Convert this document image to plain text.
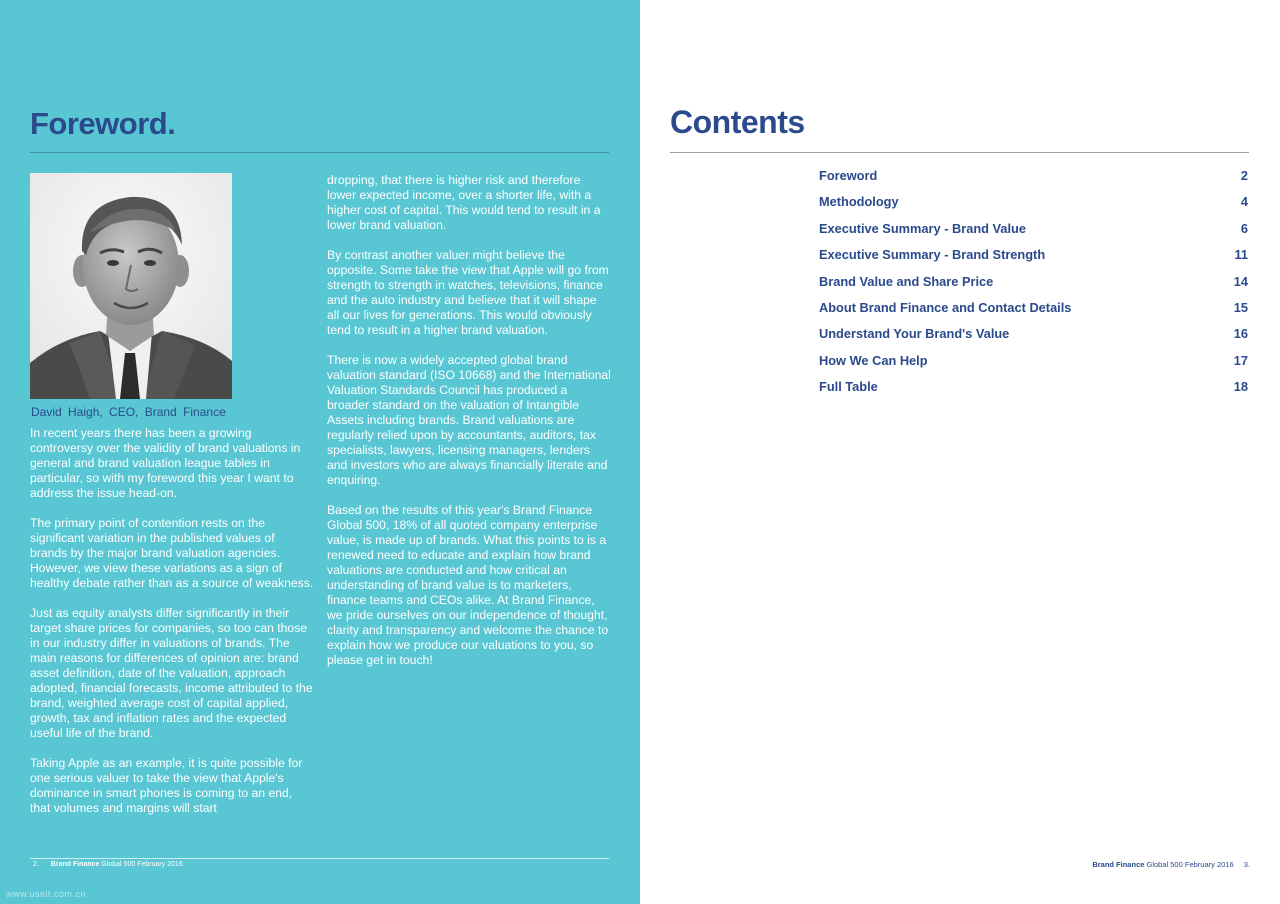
Foreword.
David Haigh, CEO, Brand Finance

In recent years there has been a growing controversy over the validity of brand valuations in general and brand valuation league tables in particular, so with my foreword this year I want to address the issue head-on.

The primary point of contention rests on the significant variation in the published values of brands by the major brand valuation agencies. However, we view these variations as a sign of healthy debate rather than as a source of weakness.

Just as equity analysts differ significantly in their target share prices for companies, so too can those in our industry differ in valuations of brands. The main reasons for differences of opinion are: brand asset definition, date of the valuation, approach adopted, financial forecasts, income attributed to the brand, weighted average cost of capital applied, growth, tax and inflation rates and the expected useful life of the brand.

Taking Apple as an example, it is quite possible for one serious valuer to take the view that Apple's dominance in smart phones is coming to an end, that volumes and margins will start

dropping, that there is higher risk and therefore lower expected income, over a shorter life, with a higher cost of capital. This would tend to result in a lower brand valuation.

By contrast another valuer might believe the opposite. Some take the view that Apple will go from strength to strength in watches, televisions, finance and the auto industry and believe that it will shape all our lives for generations. This would obviously tend to result in a higher brand valuation.

There is now a widely accepted global brand valuation standard (ISO 10668) and the International Valuation Standards Council has produced a broader standard on the valuation of Intangible Assets including brands. Brand valuations are regularly relied upon by accountants, auditors, tax specialists, lawyers, licensing managers, lenders and investors who are always financially literate and enquiring.

Based on the results of this year's Brand Finance Global 500, 18% of all quoted company enterprise value, is made up of brands. What this points to is a renewed need to educate and explain how brand valuations are conducted and how critical an understanding of brand value is to marketers, finance teams and CEOs alike. At Brand Finance, we pride ourselves on our independence of thought, clarity and transparency and welcome the chance to explain how we produce our valuations to you, so please get in touch!

2. Brand Finance Global 500 February 2016
www.useit.com.cn
Contents
Foreword	2
Methodology	4
Executive Summary - Brand Value	6
Executive Summary - Brand Strength	11
Brand Value and Share Price	14
About Brand Finance and Contact Details	15
Understand Your Brand's Value	16
How We Can Help	17
Full Table	18
Brand Finance Global 500 February 2016 3.
